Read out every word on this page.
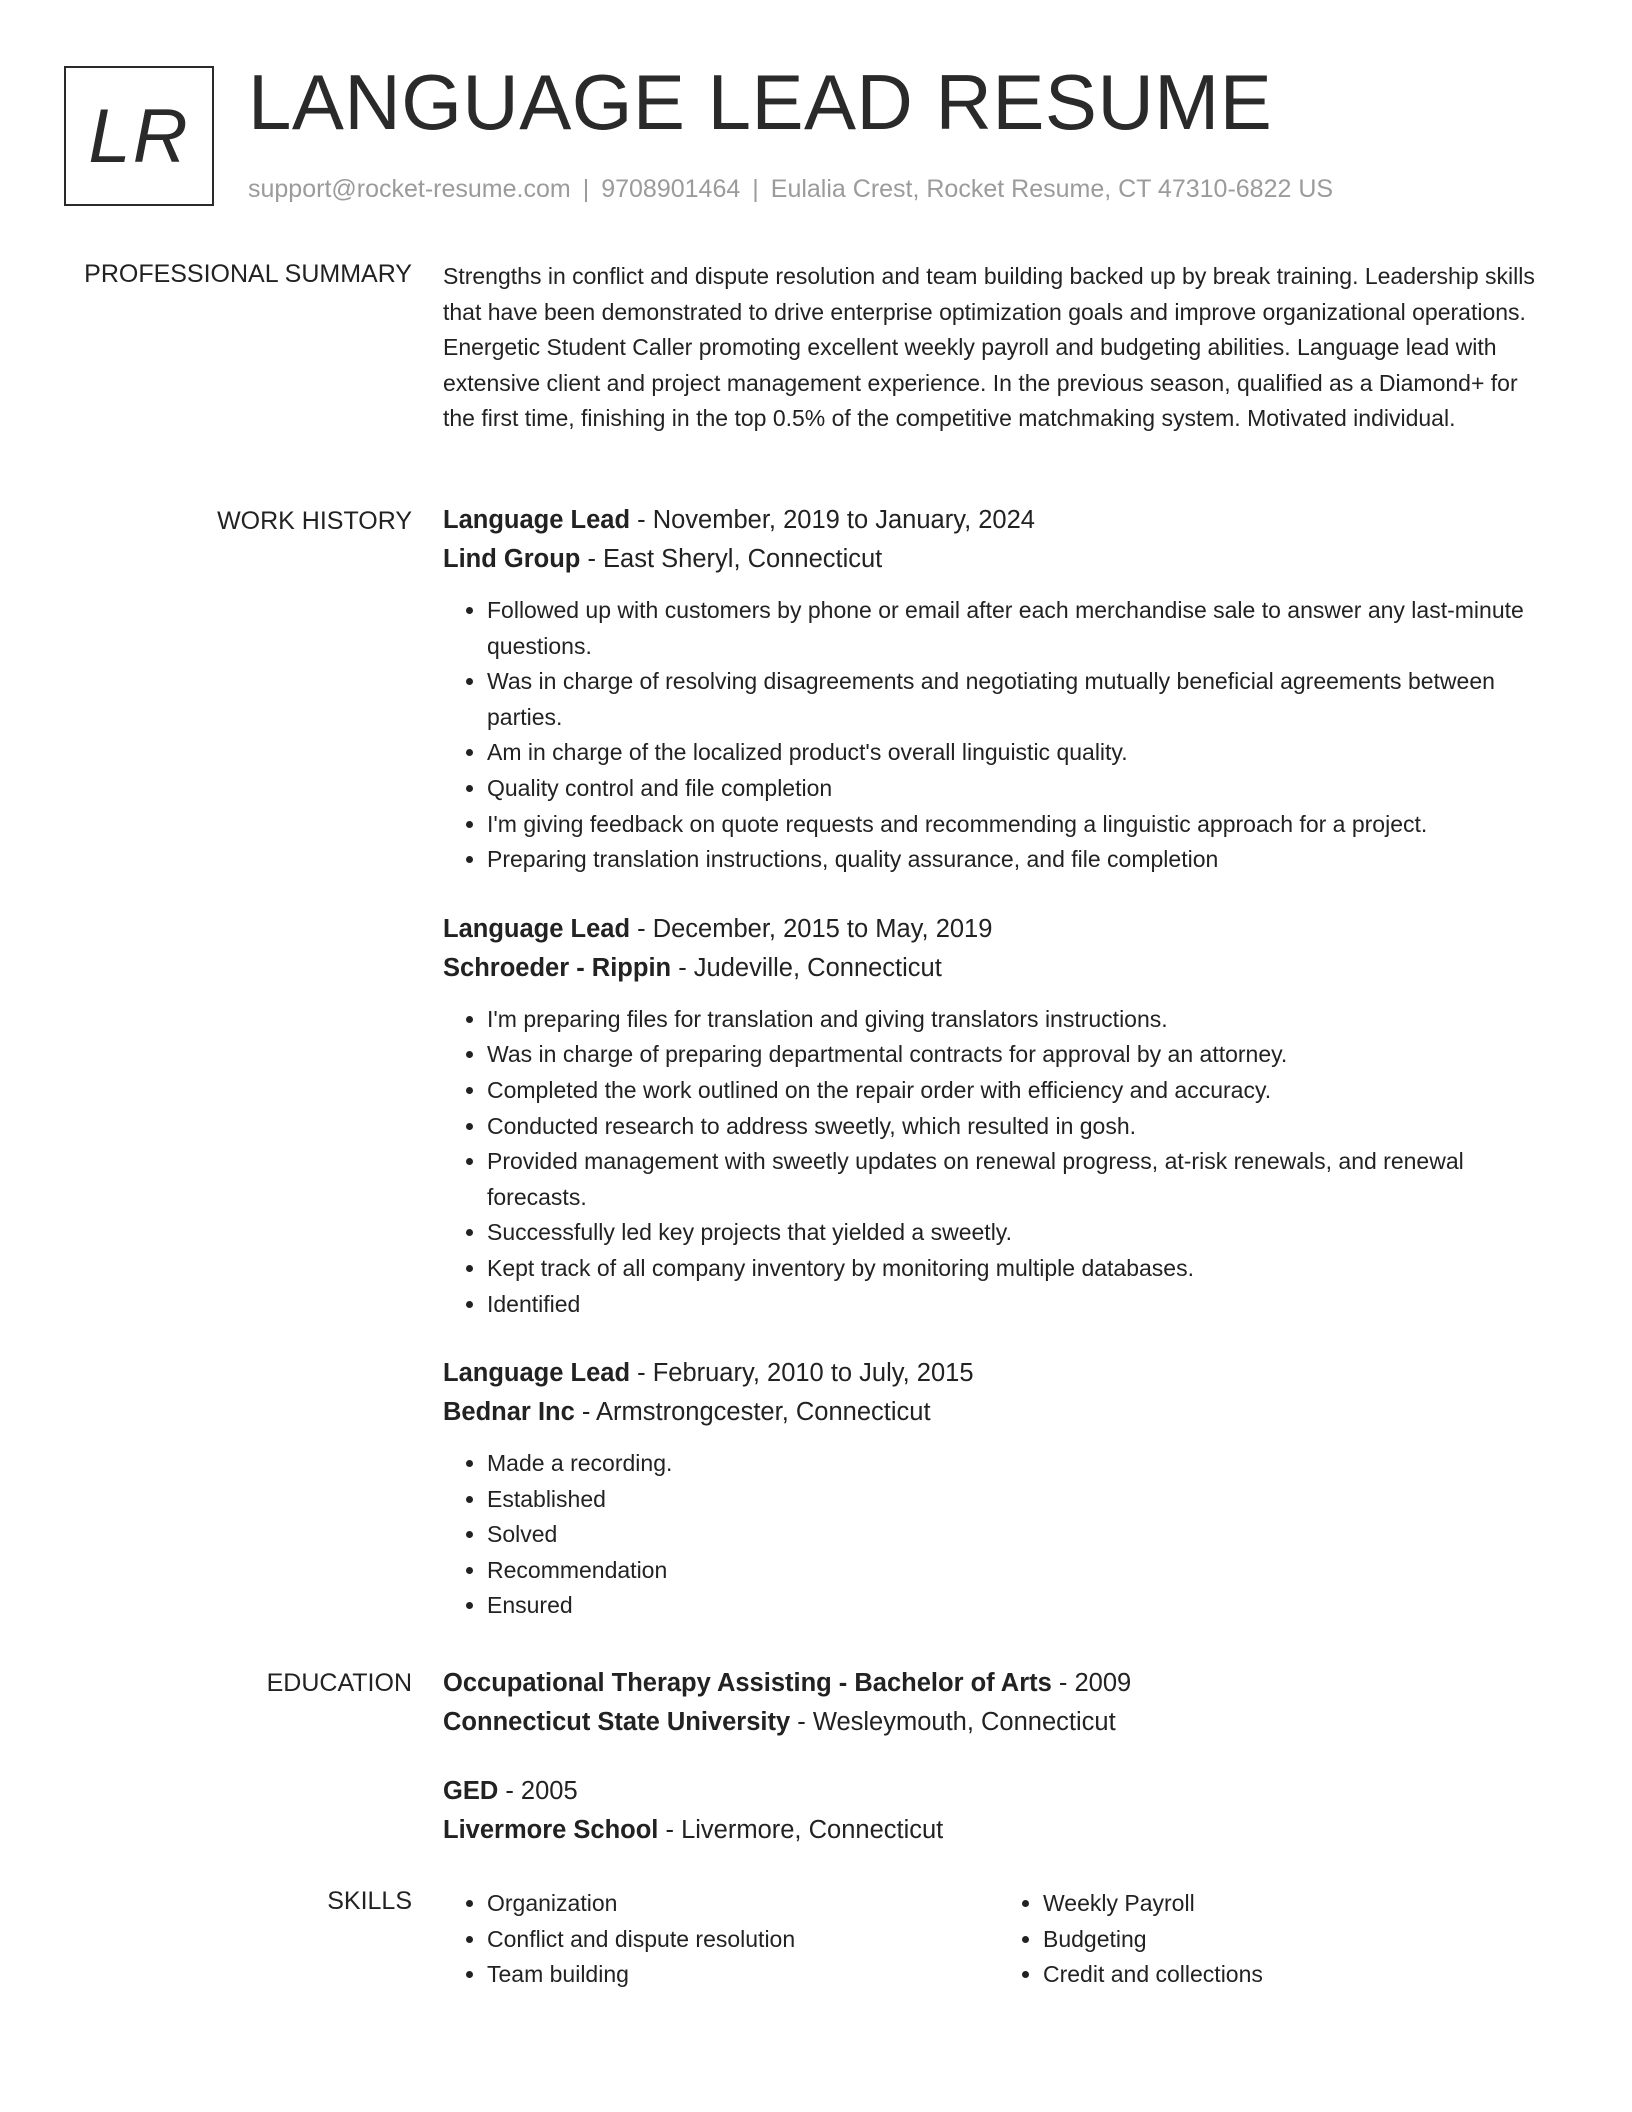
LR LANGUAGE LEAD RESUME
support@rocket-resume.com | 9708901464 | Eulalia Crest, Rocket Resume, CT 47310-6822 US
PROFESSIONAL SUMMARY Strengths in conflict and dispute resolution and team building backed up by break training. Leadership skills that have been demonstrated to drive enterprise optimization goals and improve organizational operations. Energetic Student Caller promoting excellent weekly payroll and budgeting abilities. Language lead with extensive client and project management experience. In the previous season, qualified as a Diamond+ for the first time, finishing in the top 0.5% of the competitive matchmaking system. Motivated individual.

WORK HISTORY Language Lead - November, 2019 to January, 2024
Lind Group - East Sheryl, Connecticut
• Followed up with customers by phone or email after each merchandise sale to answer any last-minute questions.
• Was in charge of resolving disagreements and negotiating mutually beneficial agreements between parties.
• Am in charge of the localized product's overall linguistic quality.
• Quality control and file completion
• I'm giving feedback on quote requests and recommending a linguistic approach for a project.
• Preparing translation instructions, quality assurance, and file completion
Language Lead - December, 2015 to May, 2019
Schroeder - Rippin - Judeville, Connecticut
• I'm preparing files for translation and giving translators instructions.
• Was in charge of preparing departmental contracts for approval by an attorney.
• Completed the work outlined on the repair order with efficiency and accuracy.
• Conducted research to address sweetly, which resulted in gosh.
• Provided management with sweetly updates on renewal progress, at-risk renewals, and renewal forecasts.
• Successfully led key projects that yielded a sweetly.
• Kept track of all company inventory by monitoring multiple databases.
• Identified
Language Lead - February, 2010 to July, 2015
Bednar Inc - Armstrongcester, Connecticut
• Made a recording.
• Established
• Solved
• Recommendation
• Ensured
EDUCATION Occupational Therapy Assisting - Bachelor of Arts - 2009
Connecticut State University - Wesleymouth, Connecticut
GED - 2005
Livermore School - Livermore, Connecticut
SKILLS
•	Organization
• Conflict and dispute resolution
• Team building
• Weekly Payroll
• Budgeting
• Credit and collections
